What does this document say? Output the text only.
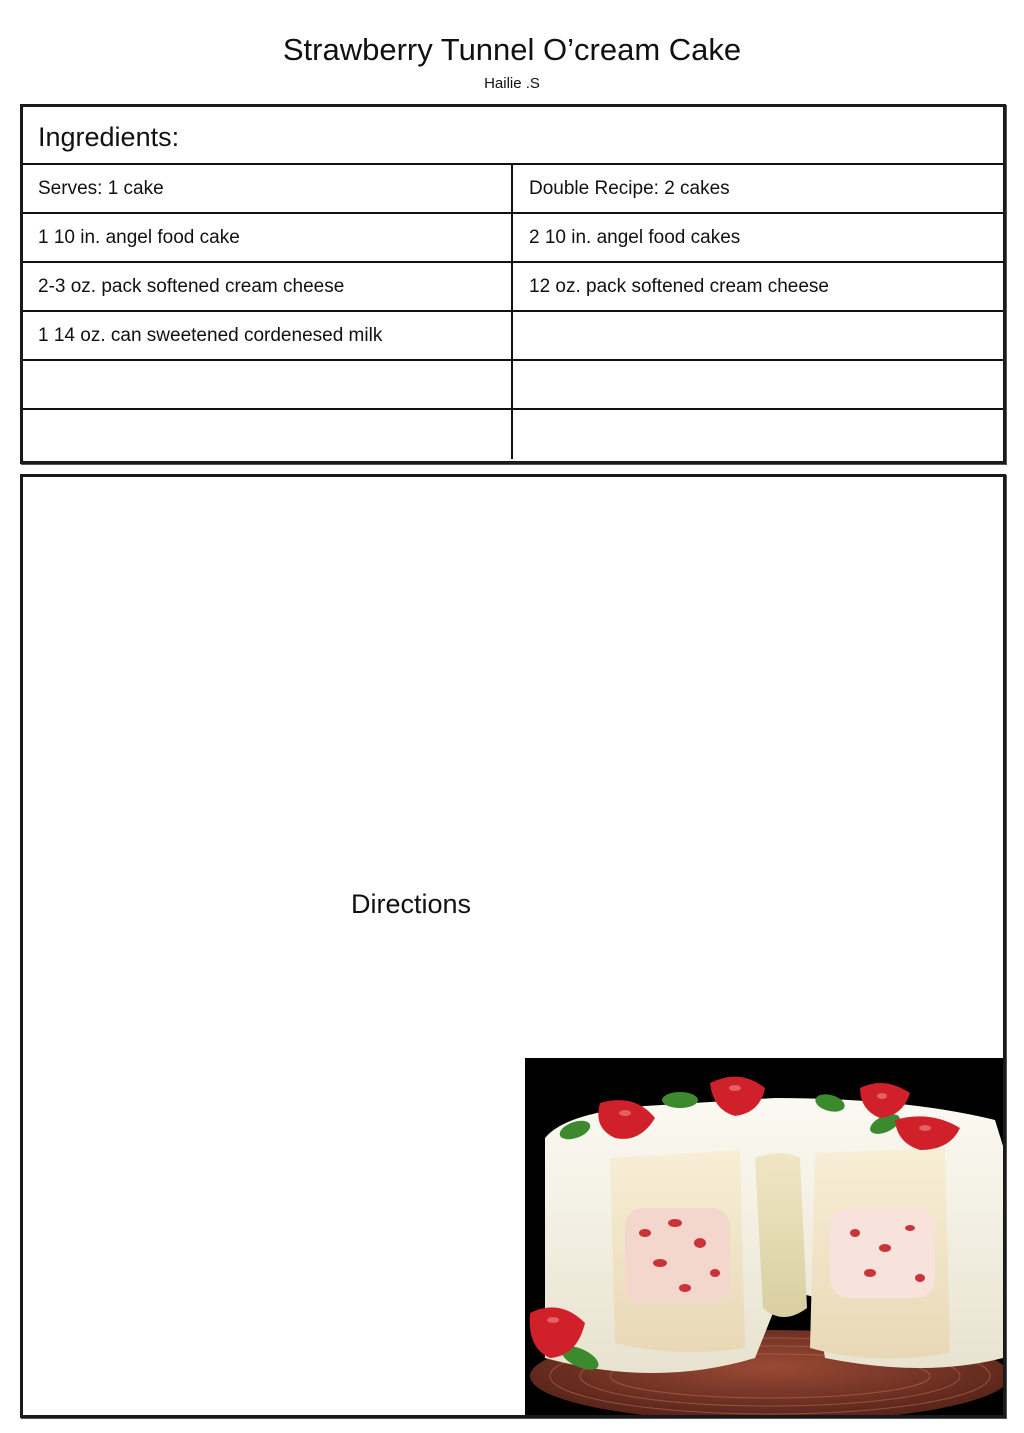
Strawberry Tunnel O’cream Cake
Hailie .S
Ingredients:
Serves: 1 cake	Double Recipe: 2 cakes
1 10 in. angel food cake	2 10 in. angel food cakes
2-3 oz. pack softened cream cheese	12 oz. pack softened cream cheese
1 14 oz. can sweetened cordenesed milk
Directions
